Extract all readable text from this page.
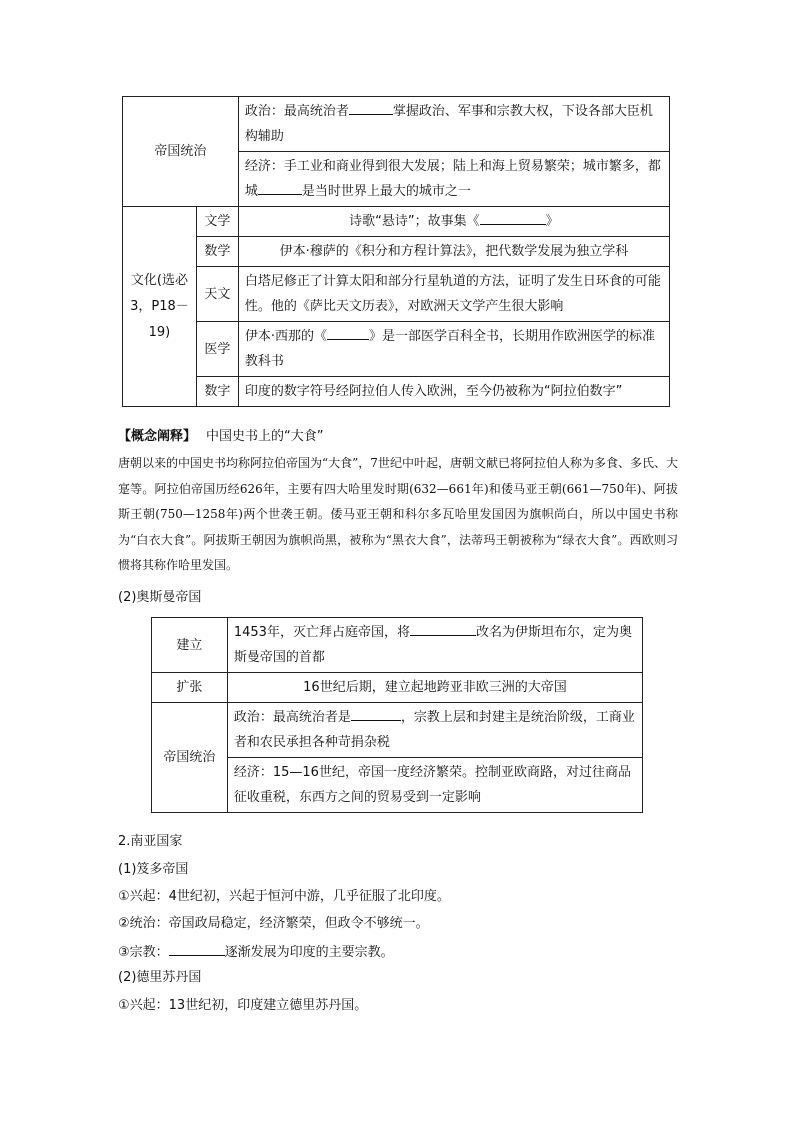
帝国统治		政治：最高统治者 掌握政治、军事和宗教大权，下设各部大臣机构辅助
		经济：手工业和商业得到很大发展；陆上和海上贸易繁荣；城市繁多，都城 是当时世界上最大的城市之一
文化(选必 3，P18－19)	文学	诗歌“悬诗”；故事集《 》
	数学	伊本·穆萨的《积分和方程计算法》，把代数学发展为独立学科
	天文	白塔尼修正了计算太阳和部分行星轨道的方法，证明了发生日环食的可能性。他的《萨比天文历表》，对欧洲天文学产生很大影响
	医学	伊本·西那的《 》是一部医学百科全书，长期用作欧洲医学的标准教科书
	数字	印度的数字符号经阿拉伯人传入欧洲，至今仍被称为“阿拉伯数字”
【概念阐释】 中国史书上的“大食”
唐朝以来的中国史书均称阿拉伯帝国为“大食”，7世纪中叶起，唐朝文献已将阿拉伯人称为多食、多氏、大寔等。阿拉伯帝国历经626年，主要有四大哈里发时期(632—661年)和倭马亚王朝(661—750年)、阿拔斯王朝(750—1258年)两个世袭王朝。倭马亚王朝和科尔多瓦哈里发国因为旗帜尚白，所以中国史书称为“白衣大食”。阿拔斯王朝因为旗帜尚黑，被称为“黑衣大食”，法蒂玛王朝被称为“绿衣大食”。西欧则习惯将其称作哈里发国。
(2)奥斯曼帝国
建立	1453年，灭亡拜占庭帝国，将 改名为伊斯坦布尔，定为奥斯曼帝国的首都
扩张	16世纪后期，建立起地跨亚非欧三洲的大帝国
帝国统治	政治：最高统治者是 ，宗教上层和封建主是统治阶级，工商业者和农民承担各种苛捐杂税
	经济：15—16世纪，帝国一度经济繁荣。控制亚欧商路，对过往商品征收重税，东西方之间的贸易受到一定影响
2.南亚国家
(1)笈多帝国
①兴起：4世纪初，兴起于恒河中游，几乎征服了北印度。
②统治：帝国政局稳定，经济繁荣，但政令不够统一。
③宗教：	逐渐发展为印度的主要宗教。
(2)德里苏丹国
①兴起：13世纪初，印度建立德里苏丹国。
